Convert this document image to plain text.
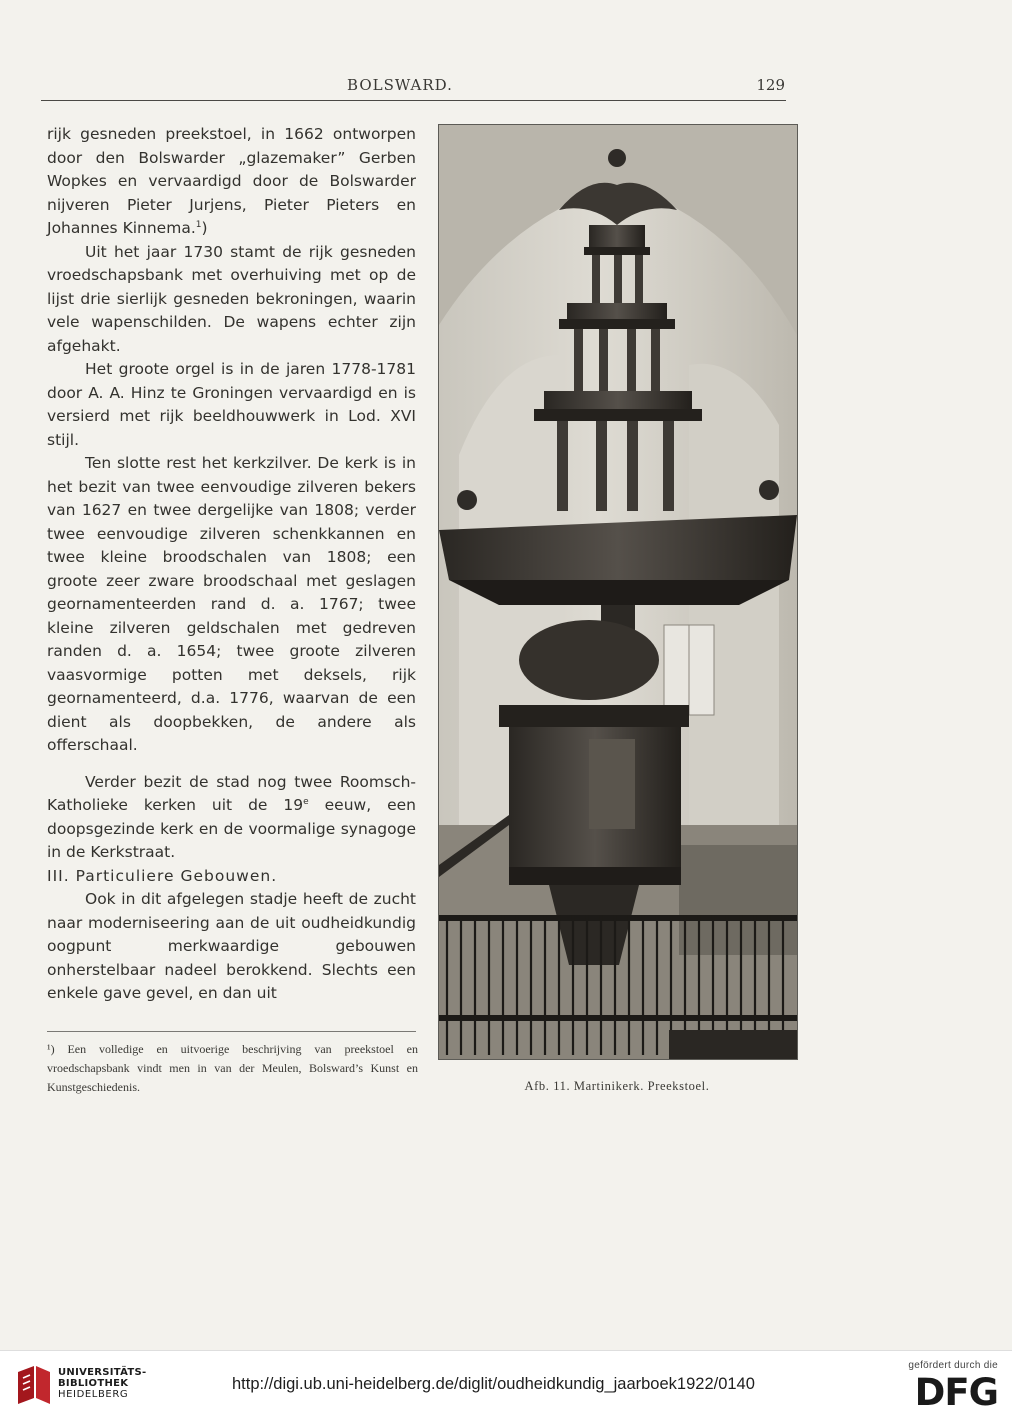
BOLSWARD.	129

rijk gesneden preekstoel, in 1662 ontworpen door den Bolswarder „glazemaker” Gerben Wopkes en vervaardigd door de Bolswarder nijveren Pieter Jurjens, Pieter Pieters en Johannes Kinnema.$^1$)

Uit het jaar 1730 stamt de rijk gesneden vroedschapsbank met overhuiving met op de lijst drie sierlijk gesneden bekroningen, waarin vele wapenschilden. De wapens echter zijn afgehakt.

Het groote orgel is in de jaren 1778-1781 door A. A. Hinz te Groningen vervaardigd en is versierd met rijk beeldhouwwerk in Lod. XVI stijl.

Ten slotte rest het kerkzilver. De kerk is in het bezit van twee eenvoudige zilveren bekers van 1627 en twee dergelijke van 1808; verder twee eenvoudige zilveren schenkkannen en twee kleine broodschalen van 1808; een groote zeer zware broodschaal met geslagen geornamenteerden rand d. a. 1767; twee kleine zilveren geldschalen met gedreven randen d. a. 1654; twee groote zilveren vaasvormige potten met deksels, rijk geornamenteerd, d.a. 1776, waarvan de een dient als doopbekken, de andere als offerschaal.

Verder bezit de stad nog twee Roomsch-Katholieke kerken uit de 19e eeuw, een doopsgezinde kerk en de voormalige synagoge in de Kerkstraat.

III. Particuliere Gebouwen.

Ook in dit afgelegen stadje heeft de zucht naar moderniseering aan de uit oudheidkundig oogpunt merkwaardige gebouwen onherstelbaar nadeel berokkend. Slechts een enkele gave gevel, en dan uit

¹) Een volledige en uitvoerige beschrijving van preekstoel en vroedschapsbank vindt men in van der Meulen, Bolsward’s Kunst en Kunstgeschiedenis.	Afb. 11. Martinikerk. Preekstoel.
UNIVERSITÄTS-
BIBLIOTHEK
HEIDELBERG
http://digi.ub.uni-heidelberg.de/diglit/oudheidkundig_jaarboek1922/0140
gefördert durch die
DFG
